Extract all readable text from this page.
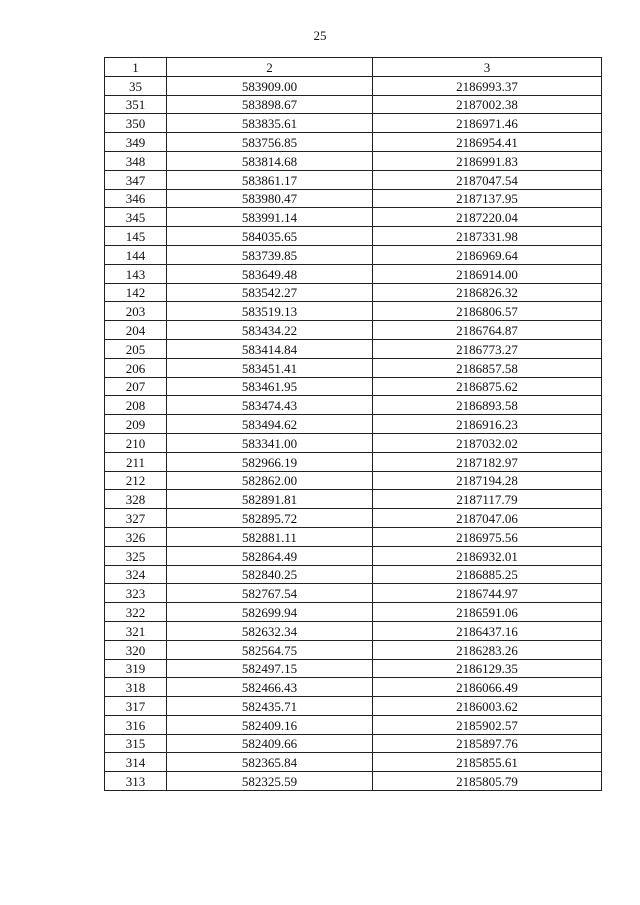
25
1	2	3
35	583909.00	2186993.37
351	583898.67	2187002.38
350	583835.61	2186971.46
349	583756.85	2186954.41
348	583814.68	2186991.83
347	583861.17	2187047.54
346	583980.47	2187137.95
345	583991.14	2187220.04
145	584035.65	2187331.98
144	583739.85	2186969.64
143	583649.48	2186914.00
142	583542.27	2186826.32
203	583519.13	2186806.57
204	583434.22	2186764.87
205	583414.84	2186773.27
206	583451.41	2186857.58
207	583461.95	2186875.62
208	583474.43	2186893.58
209	583494.62	2186916.23
210	583341.00	2187032.02
211	582966.19	2187182.97
212	582862.00	2187194.28
328	582891.81	2187117.79
327	582895.72	2187047.06
326	582881.11	2186975.56
325	582864.49	2186932.01
324	582840.25	2186885.25
323	582767.54	2186744.97
322	582699.94	2186591.06
321	582632.34	2186437.16
320	582564.75	2186283.26
319	582497.15	2186129.35
318	582466.43	2186066.49
317	582435.71	2186003.62
316	582409.16	2185902.57
315	582409.66	2185897.76
314	582365.84	2185855.61
313	582325.59	2185805.79
